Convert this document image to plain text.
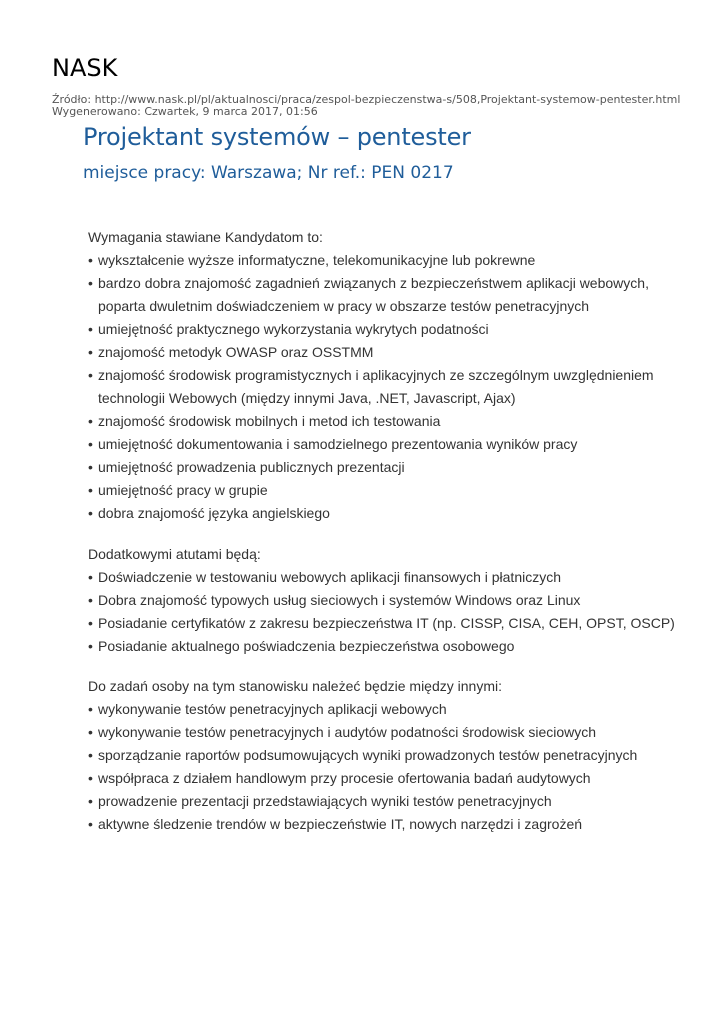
NASK
Źródło: http://www.nask.pl/pl/aktualnosci/praca/zespol-bezpieczenstwa-s/508,Projektant-systemow-pentester.html
Wygenerowano: Czwartek, 9 marca 2017, 01:56
Projektant systemów – pentester
miejsce pracy: Warszawa; Nr ref.: PEN 0217

Wymagania stawiane Kandydatom to:

• wykształcenie wyższe informatyczne, telekomunikacyjne lub pokrewne
• bardzo dobra znajomość zagadnień związanych z bezpieczeństwem aplikacji webowych, poparta dwuletnim doświadczeniem w pracy w obszarze testów penetracyjnych
• umiejętność praktycznego wykorzystania wykrytych podatności
• znajomość metodyk OWASP oraz OSSTMM
• znajomość środowisk programistycznych i aplikacyjnych ze szczególnym uwzględnieniem technologii Webowych (między innymi Java, .NET, Javascript, Ajax)
• znajomość środowisk mobilnych i metod ich testowania
• umiejętność dokumentowania i samodzielnego prezentowania wyników pracy
• umiejętność prowadzenia publicznych prezentacji
• umiejętność pracy w grupie
• dobra znajomość języka angielskiego

Dodatkowymi atutami będą:

• Doświadczenie w testowaniu webowych aplikacji finansowych i płatniczych
• Dobra znajomość typowych usług sieciowych i systemów Windows oraz Linux
• Posiadanie certyfikatów z zakresu bezpieczeństwa IT (np. CISSP, CISA, CEH, OPST, OSCP)
• Posiadanie aktualnego poświadczenia bezpieczeństwa osobowego

Do zadań osoby na tym stanowisku należeć będzie między innymi:

• wykonywanie testów penetracyjnych aplikacji webowych
• wykonywanie testów penetracyjnych i audytów podatności środowisk sieciowych
• sporządzanie raportów podsumowujących wyniki prowadzonych testów penetracyjnych
• współpraca z działem handlowym przy procesie ofertowania badań audytowych
• prowadzenie prezentacji przedstawiających wyniki testów penetracyjnych
• aktywne śledzenie trendów w bezpieczeństwie IT, nowych narzędzi i zagrożeń
